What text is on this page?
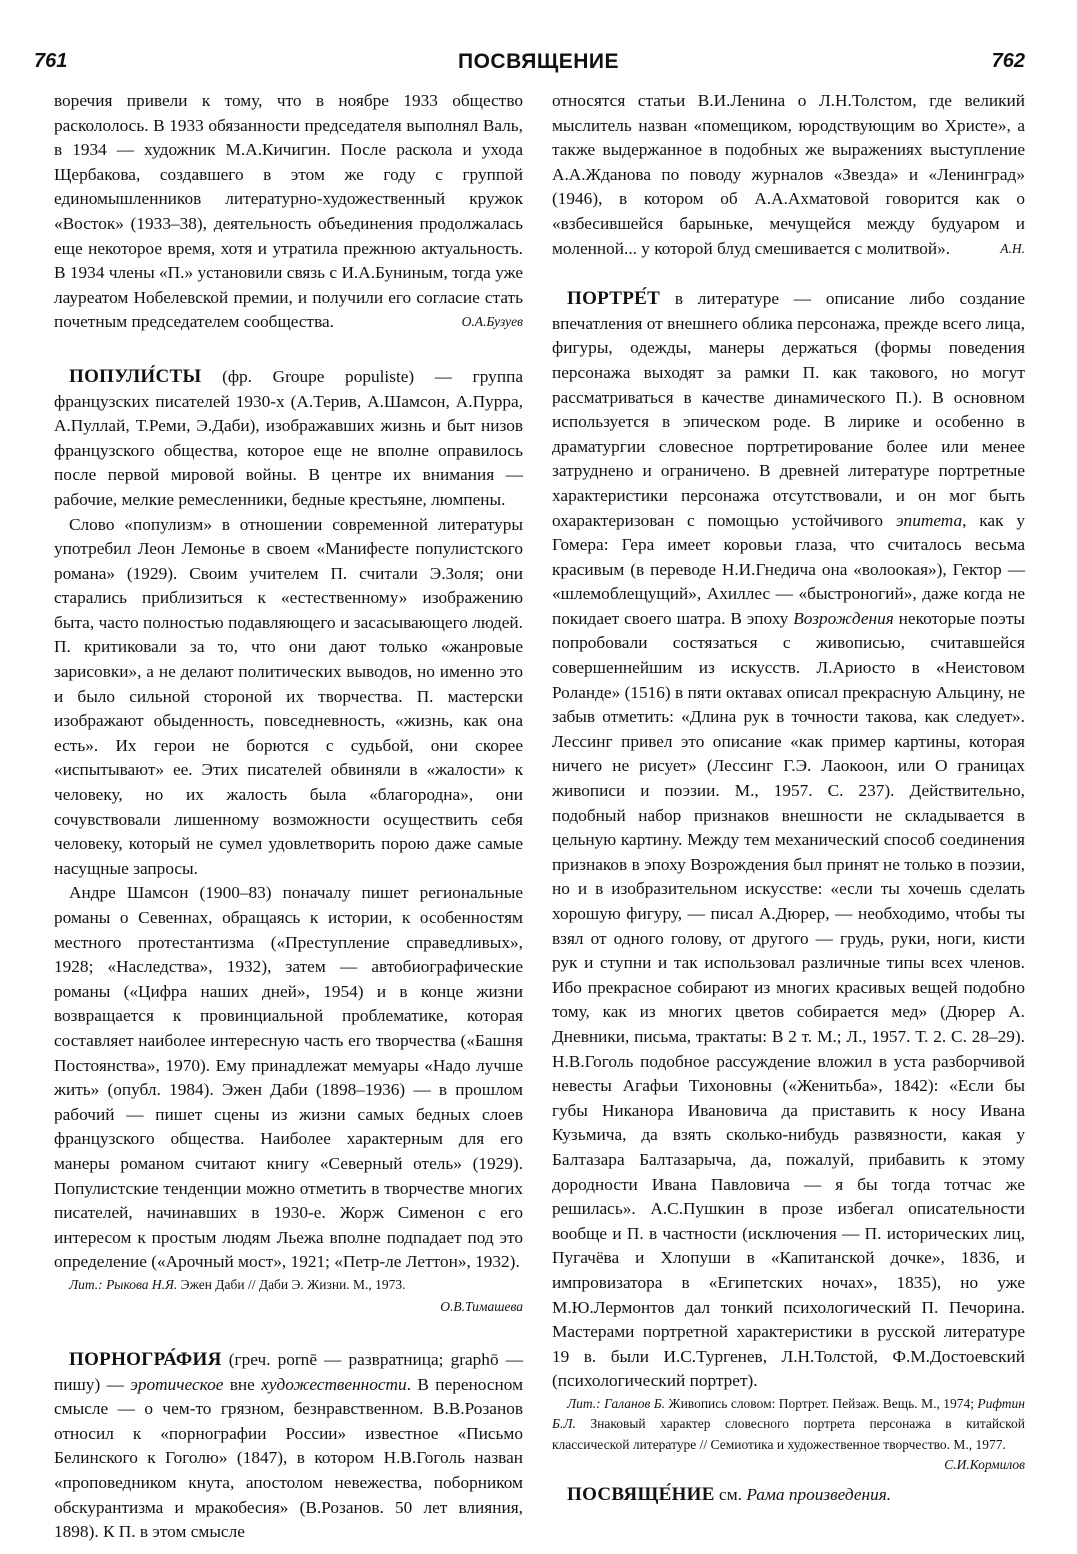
761	ПОСВЯЩЕНИЕ	762

воречия привели к тому, что в ноябре 1933 общество раскололось. В 1933 обязанности председателя выполнял Валь, в 1934 — художник М.А.Кичигин. После раскола и ухода Щербакова, создавшего в этом же году с группой единомышленников литературно-художественный кружок «Восток» (1933–38), деятельность объединения продолжалась еще некоторое время, хотя и утратила прежнюю актуальность. В 1934 члены «П.» установили связь с И.А.Буниным, тогда уже лауреатом Нобелевской премии, и получили его согласие стать почетным председателем сообщества.	О.А.Бузуев

ПОПУЛИ́СТЫ (фр. Groupe populiste) — группа французских писателей 1930-х (А.Терив, А.Шамсон, А.Пурра, А.Пуллай, Т.Реми, Э.Даби), изображавших жизнь и быт низов французского общества, которое еще не вполне оправилось после первой мировой войны. В центре их внимания — рабочие, мелкие ремесленники, бедные крестьяне, люмпены.

Слово «популизм» в отношении современной литературы употребил Леон Лемонье в своем «Манифесте популистского романа» (1929). Своим учителем П. считали Э.Золя; они старались приблизиться к «естественному» изображению быта, часто полностью подавляющего и засасывающего людей. П. критиковали за то, что они дают только «жанровые зарисовки», а не делают политических выводов, но именно это и было сильной стороной их творчества. П. мастерски изображают обыденность, повседневность, «жизнь, как она есть». Их герои не борются с судьбой, они скорее «испытывают» ее. Этих писателей обвиняли в «жалости» к человеку, но их жалость была «благородна», они сочувствовали лишенному возможности осуществить себя человеку, который не сумел удовлетворить порою даже самые насущные запросы.

Андре Шамсон (1900–83) поначалу пишет региональные романы о Севеннах, обращаясь к истории, к особенностям местного протестантизма («Преступление справедливых», 1928; «Наследства», 1932), затем — автобиографические романы («Цифра наших дней», 1954) и в конце жизни возвращается к провинциальной проблематике, которая составляет наиболее интересную часть его творчества («Башня Постоянства», 1970). Ему принадлежат мемуары «Надо лучше жить» (опубл. 1984). Эжен Даби (1898–1936) — в прошлом рабочий — пишет сцены из жизни самых бедных слоев французского общества. Наиболее характерным для его манеры романом считают книгу «Северный отель» (1929). Популистские тенденции можно отметить в творчестве многих писателей, начинавших в 1930-е. Жорж Сименон с его интересом к простым людям Льежа вполне подпадает под это определение («Арочный мост», 1921; «Петр-ле Леттон», 1932).

Лит.: Рыкова Н.Я. Эжен Даби // Даби Э. Жизни. М., 1973.

О.В.Тимашева

ПОРНОГРА́ФИЯ (греч. pornē — развратница; graphō — пишу) — эротическое вне художественности. В переносном смысле — о чем-то грязном, безнравственном. В.В.Розанов относил к «порнографии России» известное «Письмо Белинского к Гоголю» (1847), в котором Н.В.Гоголь назван «проповедником кнута, апостолом невежества, поборником обскурантизма и мракобесия» (В.Розанов. 50 лет влияния, 1898). К П. в этом смысле

относятся статьи В.И.Ленина о Л.Н.Толстом, где великий мыслитель назван «помещиком, юродствующим во Христе», а также выдержанное в подобных же выражениях выступление А.А.Жданова по поводу журналов «Звезда» и «Ленинград» (1946), в котором об А.А.Ахматовой говорится как о «взбесившейся барыньке, мечущейся между будуаром и моленной... у которой блуд смешивается с молитвой».	А.Н.

ПОРТРЕ́Т в литературе — описание либо создание впечатления от внешнего облика персонажа, прежде всего лица, фигуры, одежды, манеры держаться (формы поведения персонажа выходят за рамки П. как такового, но могут рассматриваться в качестве динамического П.). В основном используется в эпическом роде. В лирике и особенно в драматургии словесное портретирование более или менее затруднено и ограничено. В древней литературе портретные характеристики персонажа отсутствовали, и он мог быть охарактеризован с помощью устойчивого эпитета, как у Гомера: Гера имеет коровьи глаза, что считалось весьма красивым (в переводе Н.И.Гнедича она «волоокая»), Гектор — «шлемоблещущий», Ахиллес — «быстроногий», даже когда не покидает своего шатра. В эпоху Возрождения некоторые поэты попробовали состязаться с живописью, считавшейся совершеннейшим из искусств. Л.Ариосто в «Неистовом Роланде» (1516) в пяти октавах описал прекрасную Альцину, не забыв отметить: «Длина рук в точности такова, как следует». Лессинг привел это описание «как пример картины, которая ничего не рисует» (Лессинг Г.Э. Лаокоон, или О границах живописи и поэзии. М., 1957. С. 237). Действительно, подобный набор признаков внешности не складывается в цельную картину. Между тем механический способ соединения признаков в эпоху Возрождения был принят не только в поэзии, но и в изобразительном искусстве: «если ты хочешь сделать хорошую фигуру, — писал А.Дюрер, — необходимо, чтобы ты взял от одного голову, от другого — грудь, руки, ноги, кисти рук и ступни и так использовал различные типы всех членов. Ибо прекрасное собирают из многих красивых вещей подобно тому, как из многих цветов собирается мед» (Дюрер А. Дневники, письма, трактаты: В 2 т. М.; Л., 1957. Т. 2. С. 28–29). Н.В.Гоголь подобное рассуждение вложил в уста разборчивой невесты Агафьи Тихоновны («Женитьба», 1842): «Если бы губы Никанора Ивановича да приставить к носу Ивана Кузьмича, да взять сколько-нибудь развязности, какая у Балтазара Балтазарыча, да, пожалуй, прибавить к этому дородности Ивана Павловича — я бы тогда тотчас же решилась». А.С.Пушкин в прозе избегал описательности вообще и П. в частности (исключения — П. исторических лиц, Пугачёва и Хлопуши в «Капитанской дочке», 1836, и импровизатора в «Египетских ночах», 1835), но уже М.Ю.Лермонтов дал тонкий психологический П. Печорина. Мастерами портретной характеристики в русской литературе 19 в. были И.С.Тургенев, Л.Н.Толстой, Ф.М.Достоевский (психологический портрет).

Лит.: Галанов Б. Живопись словом: Портрет. Пейзаж. Вещь. М., 1974; Рифтин Б.Л. Знаковый характер словесного портрета персонажа в китайской классической литературе // Семиотика и художественное творчество. М., 1977.
С.И.Кормилов

ПОСВЯЩЕ́НИЕ см. Рама произведения.
